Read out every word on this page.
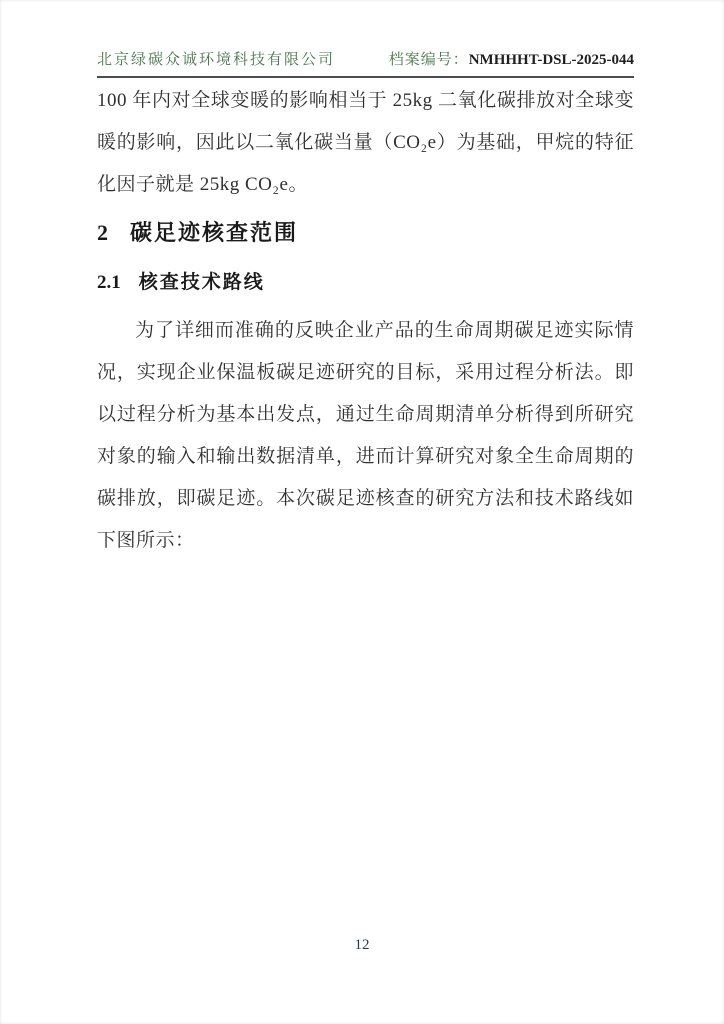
北京绿碳众诚环境科技有限公司	档案编号：NMHHHT-DSL-2025-044

100 年内对全球变暖的影响相当于 25kg 二氧化碳排放对全球变暖的影响，因此以二氧化碳当量（CO₂e）为基础，甲烷的特征化因子就是 25kg CO₂e。

2 碳足迹核查范围
2.1 核查技术路线

为了详细而准确的反映企业产品的生命周期碳足迹实际情况，实现企业保温板碳足迹研究的目标，采用过程分析法。即以过程分析为基本出发点，通过生命周期清单分析得到所研究对象的输入和输出数据清单，进而计算研究对象全生命周期的碳排放，即碳足迹。本次碳足迹核查的研究方法和技术路线如下图所示：

12
